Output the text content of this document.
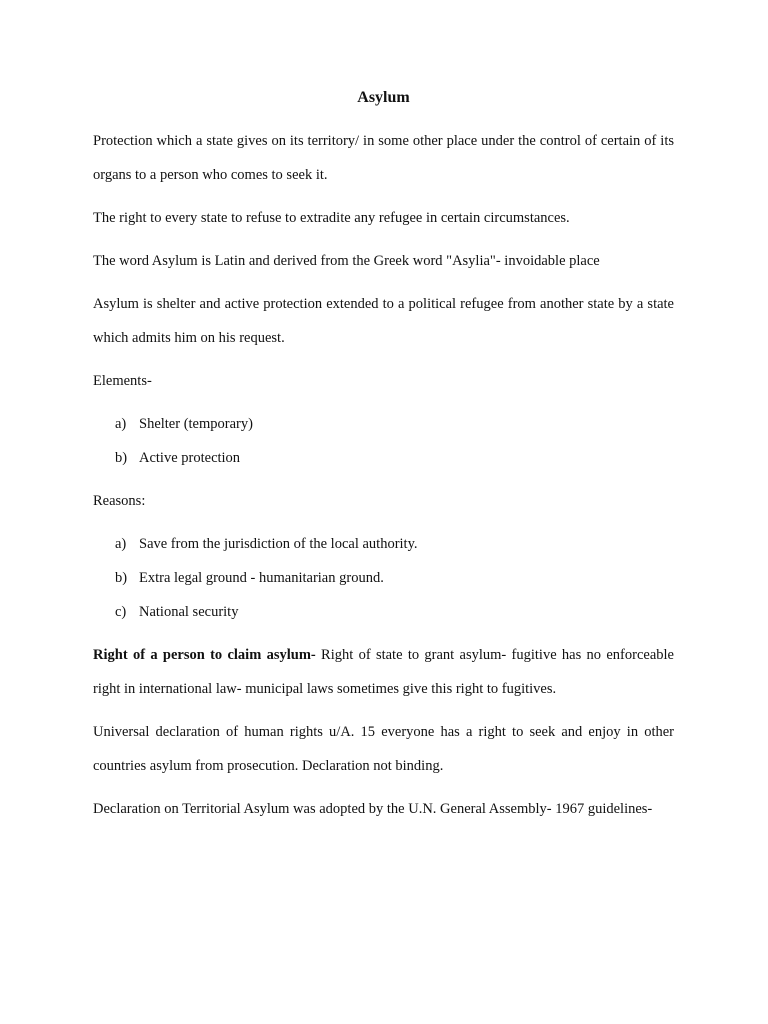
Asylum

Protection which a state gives on its territory/ in some other place under the control of certain of its organs to a person who comes to seek it.

The right to every state to refuse to extradite any refugee in certain circumstances.

The word Asylum is Latin and derived from the Greek word "Asylia"- invoidable place

Asylum is shelter and active protection extended to a political refugee from another state by a state which admits him on his request.

Elements-

a) Shelter (temporary)
b) Active protection

Reasons:

a) Save from the jurisdiction of the local authority.
b) Extra legal ground - humanitarian ground.
c) National security

Right of a person to claim asylum- Right of state to grant asylum- fugitive has no enforceable right in international law- municipal laws sometimes give this right to fugitives.

Universal declaration of human rights u/A. 15 everyone has a right to seek and enjoy in other countries asylum from prosecution. Declaration not binding.

Declaration on Territorial Asylum was adopted by the U.N. General Assembly- 1967 guidelines-
